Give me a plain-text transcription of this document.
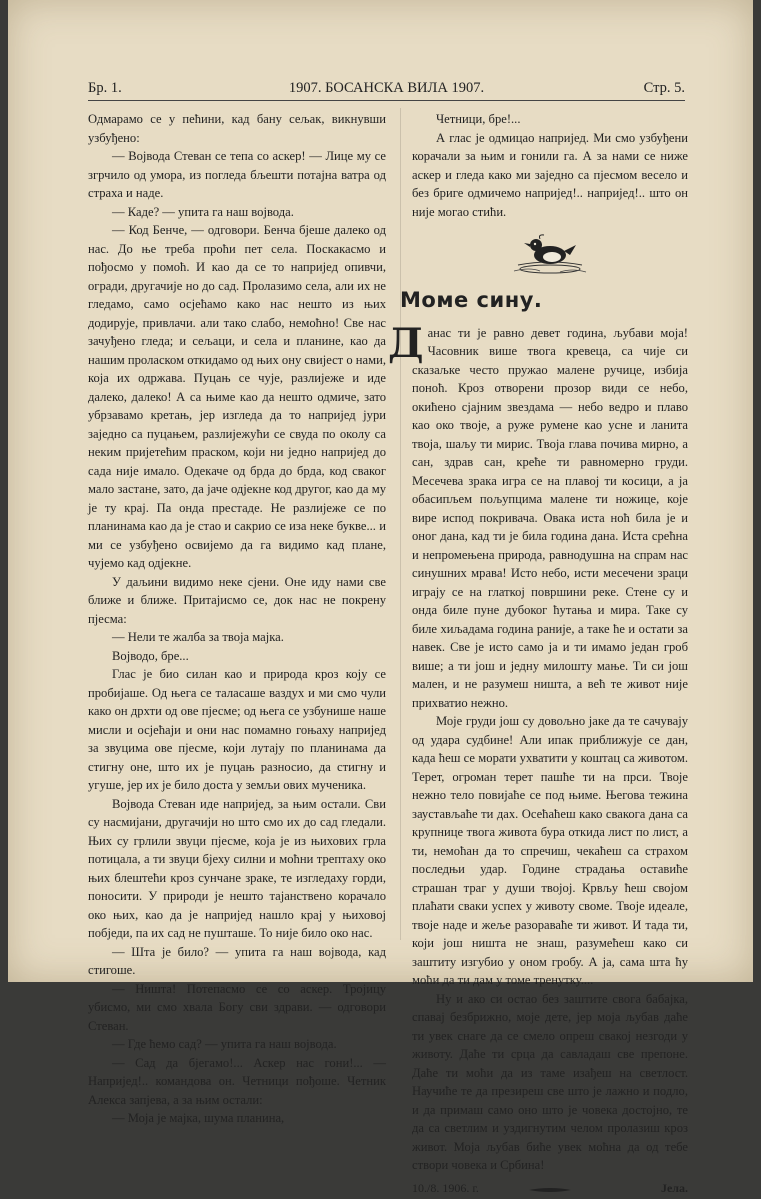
Бр. 1.	1907. БОСАНСКА ВИЛА 1907.	Стр. 5.

Одмарамо се у пећини, кад бану сељак, викнувши узбуђено:

— Војвода Стеван се тепа со аскер! — Лице му се згрчило од умора, из погледа бљешти потајна ватра од страха и наде.

— Каде? — упита га наш војвода.

— Код Бенче, — одговори. Бенча бјеше далеко од нас. До ње треба проћи пет села. Поскакасмо и пођосмо у помоћ. И као да се то напријед опивчи, огради, другачије но до сад. Пролазимо села, али их не гледамо, само осјећамо како нас нешто из њих додирује, привлачи. али тако слабо, немоћно! Све нас зачуђено гледа; и сељаци, и села и планине, као да нашим проласком откидамо од њих ону свијест о нами, која их одржава. Пуцањ се чује, разлијеже и иде далеко, далеко! А са њиме као да нешто одмиче, зато убрзавамо кретањ, јер изгледа да то напријед јури заједно са пуцањем, разлијежући се свуда по околу са неким пријетећим праском, који ни једно напријед до сада није имало. Одекаче од брда до брда, код сваког мало застане, зато, да јаче одјекне код другог, као да му је ту крај. Па онда престаде. Не разлијеже се по планинама као да је стао и сакрио се иза неке букве... и ми се узбуђено освијемо да га видимо кад плане, чујемо кад одјекне.

У даљини видимо неке сјени. Оне иду нами све ближе и ближе. Притајисмо се, док нас не покрену пјесма:

— Нели те жалба за твоја мајка.

Војводо, бре...

Глас је био силан као и природа кроз коју се пробијаше. Од њега се таласаше ваздух и ми смо чули како он дрхти од ове пјесме; од њега се узбунише наше мисли и осјећаји и они нас помамно гоњаху напријед за звуцима ове пјесме, који лутају по планинама да стигну оне, што их је пуцањ разносио, да стигну и угуше, јер их је било доста у земљи ових мученика.

Војвода Стеван иде напријед, за њим остали. Сви су насмијани, другачији но што смо их до сад гледали. Њих су грлили звуци пјесме, која је из њихових грла потицала, а ти звуци бјеху силни и моћни трептаху око њих блештећи кроз сунчане зраке, те изгледаху горди, поносити. У природи је нешто тајанствено корачало око њих, као да је напријед нашло крај у њиховој побједи, па их сад не пушташе. То није било око нас.

— Шта је било? — упита га наш војвода, кад стигоше.

— Ништа! Потепасмо се со аскер. Тројицу убисмо, ми смо хвала Богу сви здрави. — одговори Стеван.

— Где ћемо сад? — упита га наш војвода.

— Сад да бјегамо!... Аскер нас гони!... — Напријед!.. командова он. Четници пођоше. Четник Алекса запјева, а за њим остали:

— Моја је мајка, шума планина,

Четници, бре!...

А глас је одмицао напријед. Ми смо узбуђени корачали за њим и гонили га. А за нами се ниже аскер и гледа како ми заједно са пјесмом весело и без бриге одмичемо напријед!.. напријед!.. што он није могао стићи.

Моме сину.

Данас ти је равно девет година, љубави моја! Часовник више твога кревеца, са чије си сказаљке често пружао малене ручице, избија поноћ. Кроз отворени прозор види се небо, окићено сјајним звездама — небо ведро и плаво као око твоје, а руже румене као усне и ланита твоја, шаљу ти мирис. Твоја глава почива мирно, а сан, здрав сан, креће ти равномерно груди. Месечева зрака игра се на плавој ти косици, а ја обасипљем пољупцима малене ти ножице, које вире испод покривача. Овака иста ноћ била је и оног дана, кад ти је била година дана. Иста срећна и непромењена природа, равнодушна на спрам нас синушних мрава! Исто небо, исти месечени зраци играју се на глаткој површини реке. Стене су и онда биле пуне дубоког ћутања и мира. Таке су биле хиљадама година раније, а таке ће и остати за навек. Све је исто само ја и ти имамо један гроб више; а ти још и једну милошту мање. Ти си још мален, и не разумеш ништа, а већ те живот није прихватио нежно.

Моје груди још су довољно јаке да те сачувају од удара судбине! Али ипак приближује се дан, када ћеш се морати ухватити у коштац са животом. Терет, огроман терет пашће ти на прси. Твоје нежно тело повијаће се под њиме. Његова тежина заустављаће ти дах. Осећаћеш како свакога дана са крупнице твога живота бура откида лист по лист, а ти, немоћан да то спречиш, чекаћеш са страхом последњи удар. Године страдања оставиће страшан траг у души твојој. Крвљу ћеш својом плаћати сваки успех у животу своме. Твоје идеале, твоје наде и жеље разораваће ти живот. И тада ти, који још ништа не знаш, разумећеш како си заштиту изгубио у оном гробу. А ја, сама шта ћу моћи да ти дам у томе тренутку....

Ну и ако си остао без заштите свога бабајка, спавај безбрижно, моје дете, јер моја љубав даће ти увек снаге да се смело опреш свакој незгоди у животу. Даће ти срца да савладаш све препоне. Даће ти моћи да из таме изађеш на светлост. Научиће те да презиреш све што је лажно и подло, и да примаш само оно што је човека достојно, те да са светлим и уздигнутим челом пролазиш кроз живот. Моја љубав биће увек моћна да од тебе створи човека и Србина!

10./8. 1906. г.	Јела.
